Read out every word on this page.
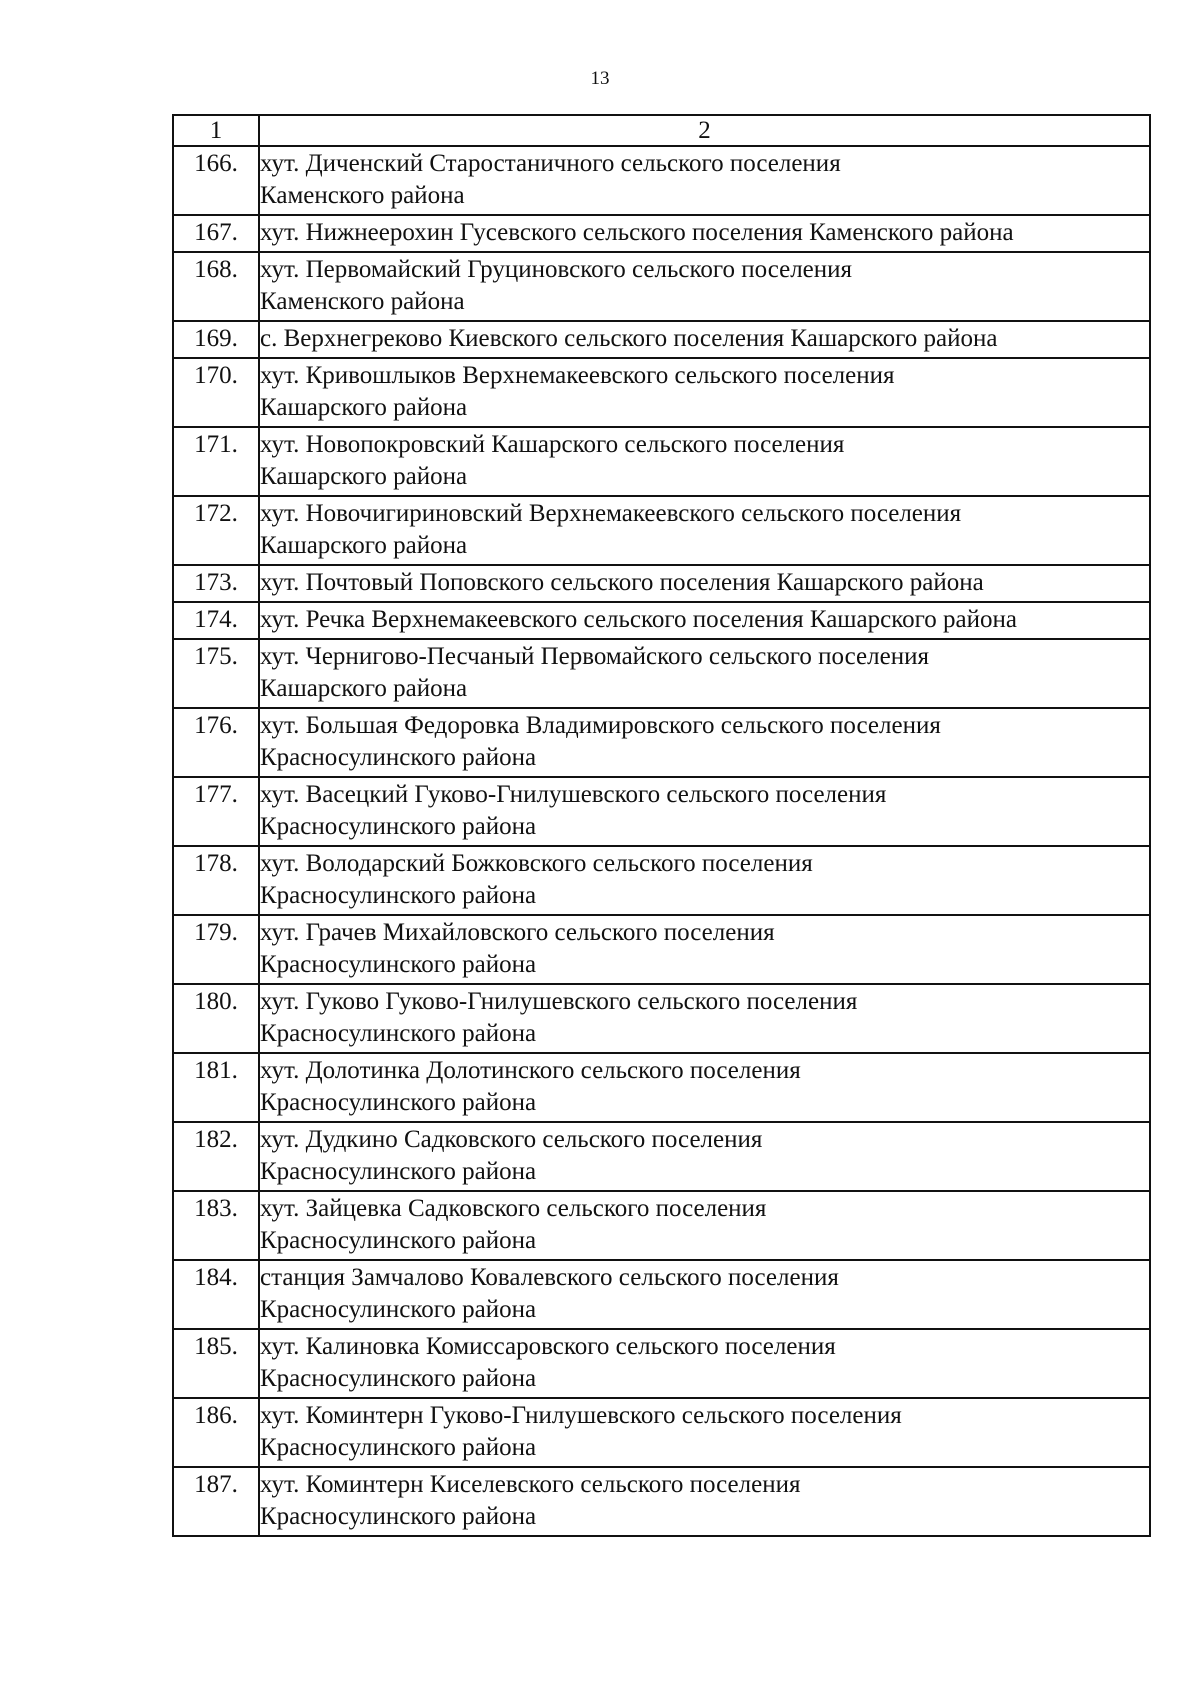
13
1	2
166.	хут. Диченский Старостаничного сельского поселения
Каменского района

167.	хут. Нижнеерохин Гусевского сельского поселения Каменского района

168.	хут. Первомайский Груциновского сельского поселения
Каменского района

169.	с. Верхнегреково Киевского сельского поселения Кашарского района

170.	хут. Кривошлыков Верхнемакеевского сельского поселения
Кашарского района

171.	хут. Новопокровский Кашарского сельского поселения
Кашарского района

172.	хут. Новочигириновский Верхнемакеевского сельского поселения
Кашарского района

173.	хут. Почтовый Поповского сельского поселения Кашарского района

174.	хут. Речка Верхнемакеевского сельского поселения Кашарского района

175.	хут. Чернигово-Песчаный Первомайского сельского поселения
Кашарского района

176.	хут. Большая Федоровка Владимировского сельского поселения
Красносулинского района

177.	хут. Васецкий Гуково-Гнилушевского сельского поселения
Красносулинского района

178.	хут. Володарский Божковского сельского поселения
Красносулинского района

179.	хут. Грачев Михайловского сельского поселения
Красносулинского района

180.	хут. Гуково Гуково-Гнилушевского сельского поселения
Красносулинского района

181.	хут. Долотинка Долотинского сельского поселения
Красносулинского района

182.	хут. Дудкино Садковского сельского поселения
Красносулинского района

183.	хут. Зайцевка Садковского сельского поселения
Красносулинского района

184.	станция Замчалово Ковалевского сельского поселения
Красносулинского района

185.	хут. Калиновка Комиссаровского сельского поселения
Красносулинского района

186.	хут. Коминтерн Гуково-Гнилушевского сельского поселения
Красносулинского района

187.	хут. Коминтерн Киселевского сельского поселения
Красносулинского района
